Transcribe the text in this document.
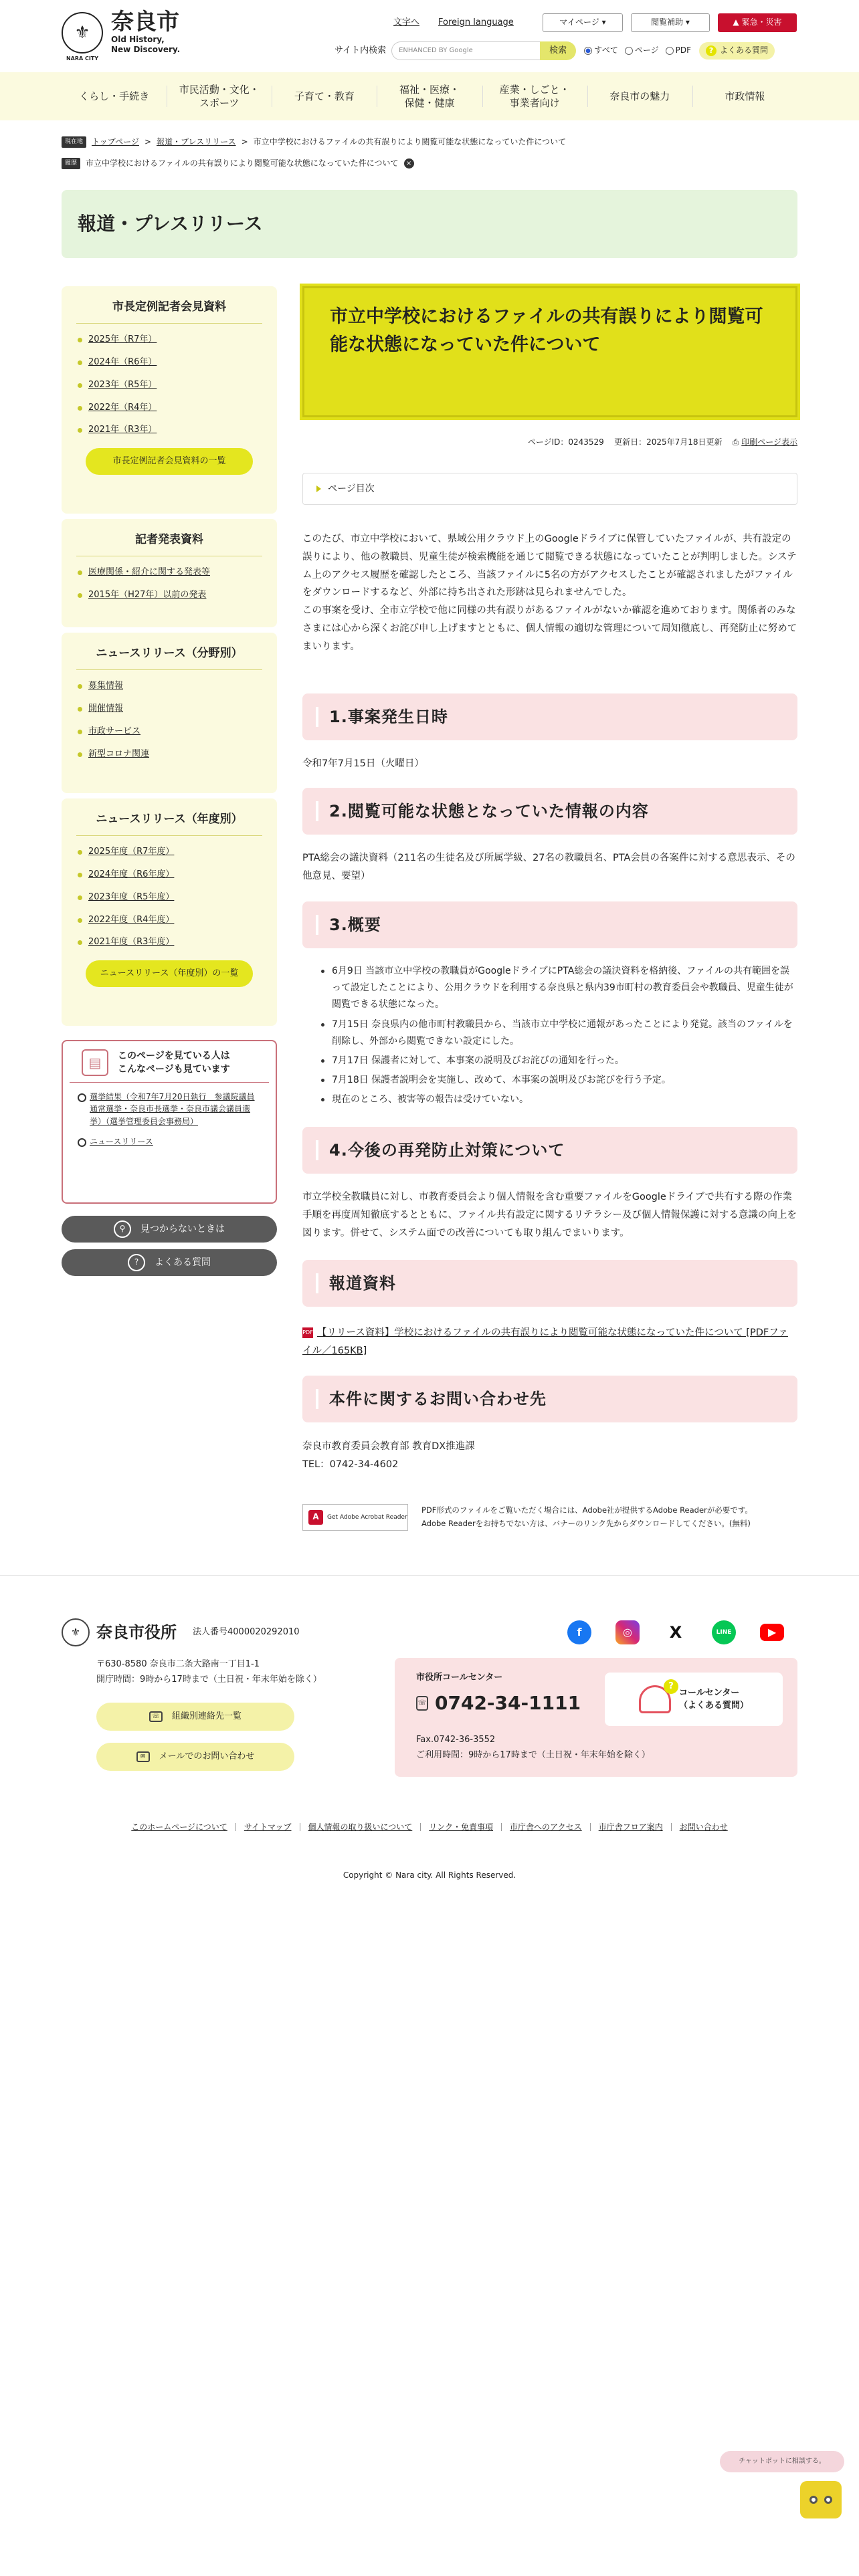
⚜
NARA CITY
奈良市
Old History,
New Discovery.
文字へ Foreign language	マイページ
▾	閲覧補助
▾	▲ 緊急・災害
サイト内検索	ENHANCED BY Google	検索	すべて	ページ	PDF	? よくある質問
くらし・手続き
市民活動・文化・
スポーツ
子育て・教育
福祉・医療・
保健・健康
産業・しごと・
事業者向け
奈良市の魅力	市政情報
現在地	トップページ > 報道・プレスリリース > 市立中学校におけるファイルの共有誤りにより閲覧可能な状態になっていた件について
履歴	市立中学校におけるファイルの共有誤りにより閲覧可能な状態になっていた件について	×
報道・プレスリリース
市長定例記者会見資料
2025年（R7年）
2024年（R6年）
2023年（R5年）
2022年（R4年）
2021年（R3年）
市長定例記者会見資料の一覧
記者発表資料
医療関係・紹介に関する発表等
2015年（H27年）以前の発表
ニュースリリース（分野別）
募集情報
開催情報
市政サービス
新型コロナ関連
ニュースリリース（年度別）
2025年度（R7年度）
2024年度（R6年度）
2023年度（R5年度）
2022年度（R4年度）
2021年度（R3年度）
ニュースリリース（年度別）の一覧
▤	このページを見ている人は
こんなページも見ています
選挙結果（令和7年7月20日執行　参議院議員通常選挙・奈良市長選挙・奈良市議会議員選挙）（選挙管理委員会事務局）
ニュースリリース
⚲	見つからないときは
?	よくある質問
市立中学校におけるファイルの共有誤りにより閲覧可能な状態になっていた件について
ページID：0243529 更新日：2025年7月18日更新 ⎙ 印刷ページ表示
ページ目次
このたび、市立中学校において、県域公用クラウド上のGoogleドライブに保管していたファイルが、共有設定の誤りにより、他の教職員、児童生徒が検索機能を通じて閲覧できる状態になっていたことが判明しました。システム上のアクセス履歴を確認したところ、当該ファイルに5名の方がアクセスしたことが確認されましたがファイルをダウンロードするなど、外部に持ち出された形跡は見られませんでした。
この事案を受け、全市立学校で他に同様の共有誤りがあるファイルがないか確認を進めております。関係者のみなさまには心から深くお詫び申し上げますとともに、個人情報の適切な管理について周知徹底し、再発防止に努めてまいります。
1.事案発生日時
令和7年7月15日（火曜日）
2.閲覧可能な状態となっていた情報の内容
PTA総会の議決資料（211名の生徒名及び所属学級、27名の教職員名、PTA会員の各案件に対する意思表示、その他意見、要望）
3.概要
6月9日 当該市立中学校の教職員がGoogleドライブにPTA総会の議決資料を格納後、ファイルの共有範囲を誤って設定したことにより、公用クラウドを利用する奈良県と県内39市町村の教育委員会や教職員、児童生徒が閲覧できる状態になった。
7月15日 奈良県内の他市町村教職員から、当該市立中学校に通報があったことにより発覚。該当のファイルを削除し、外部から閲覧できない設定にした。
7月17日 保護者に対して、本事案の説明及びお詫びの通知を行った。
7月18日 保護者説明会を実施し、改めて、本事案の説明及びお詫びを行う予定。
現在のところ、被害等の報告は受けていない。
4.今後の再発防止対策について
市立学校全教職員に対し、市教育委員会より個人情報を含む重要ファイルをGoogleドライブで共有する際の作業手順を再度周知徹底するとともに、ファイル共有設定に関するリテラシー及び個人情報保護に対する意識の向上を図ります。併せて、システム面での改善についても取り組んでまいります。
報道資料
PDF 【リリース資料】学校におけるファイルの共有誤りにより閲覧可能な状態になっていた件について [PDFファイル／165KB]
本件に関するお問い合わせ先
奈良市教育委員会教育部 教育DX推進課
TEL：0742-34-4602
A	Get Adobe Acrobat Reader
PDF形式のファイルをご覧いただく場合には、Adobe社が提供するAdobe Readerが必要です。
Adobe Readerをお持ちでない方は、バナーのリンク先からダウンロードしてください。(無料)
⚜ 奈良市役所 法人番号4000020292010
〒630-8580 奈良市二条大路南一丁目1-1
開庁時間：9時から17時まで（土日祝・年末年始を除く）
☏	組織別連絡先一覧
✉	メールでのお問い合わせ
f	◎	X	LINE	▶
市役所コールセンター
☏ 0742-34-1111
Fax.0742-36-3552
ご利用時間：9時から17時まで（土日祝・年末年始を除く）
?
コールセンター
（よくある質問）
このホームページについて	サイトマップ	個人情報の取り扱いについて	リンク・免責事項	市庁舎へのアクセス	市庁舎フロア案内	お問い合わせ
Copyright © Nara city. All Rights Reserved.
チャットボットに相談する。
